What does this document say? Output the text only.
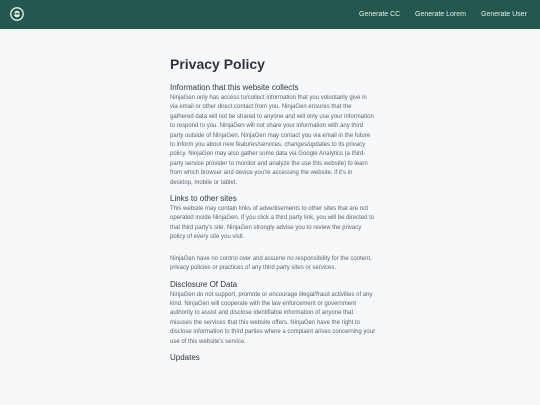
Generate CC Generate Lorem Generate User
Privacy Policy
Information that this website collects

NinjaGen only has access to/collect information that you voluntarily give in via email or other direct contact from you. NinjaGen ensures that the gathered data will not be shared to anyone and will only use your information to respond to you. NinjaGen will not share your information with any third party outside of NinjaGen. NinjaGen may contact you via email in the future to inform you about new features/services, changes/updates to its privacy policy. NinjaGen may also gather some data via Google Analytics (a third-party service provider to monitor and analyze the use this website) to learn from which browser and device you're accessing the website, if it's in desktop, mobile or tablet.

Links to other sites

This website may contain links of advertisements to other sites that are not operated inside NinjaGen. If you click a third party link, you will be directed to that third party's site. NinjaGen strongly advise you to review the privacy policy of every site you visit.

NinjaGen have no control over and assume no responsibility for the content, privacy policies or practices of any third party sites or services.

Disclosure Of Data

NinjaGen do not support, promote or encourage illegal/fraud activities of any kind. NinjaGen will cooperate with the law enforcement or government authority to assist and disclose identifiable information of anyone that misuses the services that this website offers. NinjaGen have the right to disclose information to third parties where a complaint arises concerning your use of this website's service.

Updates
